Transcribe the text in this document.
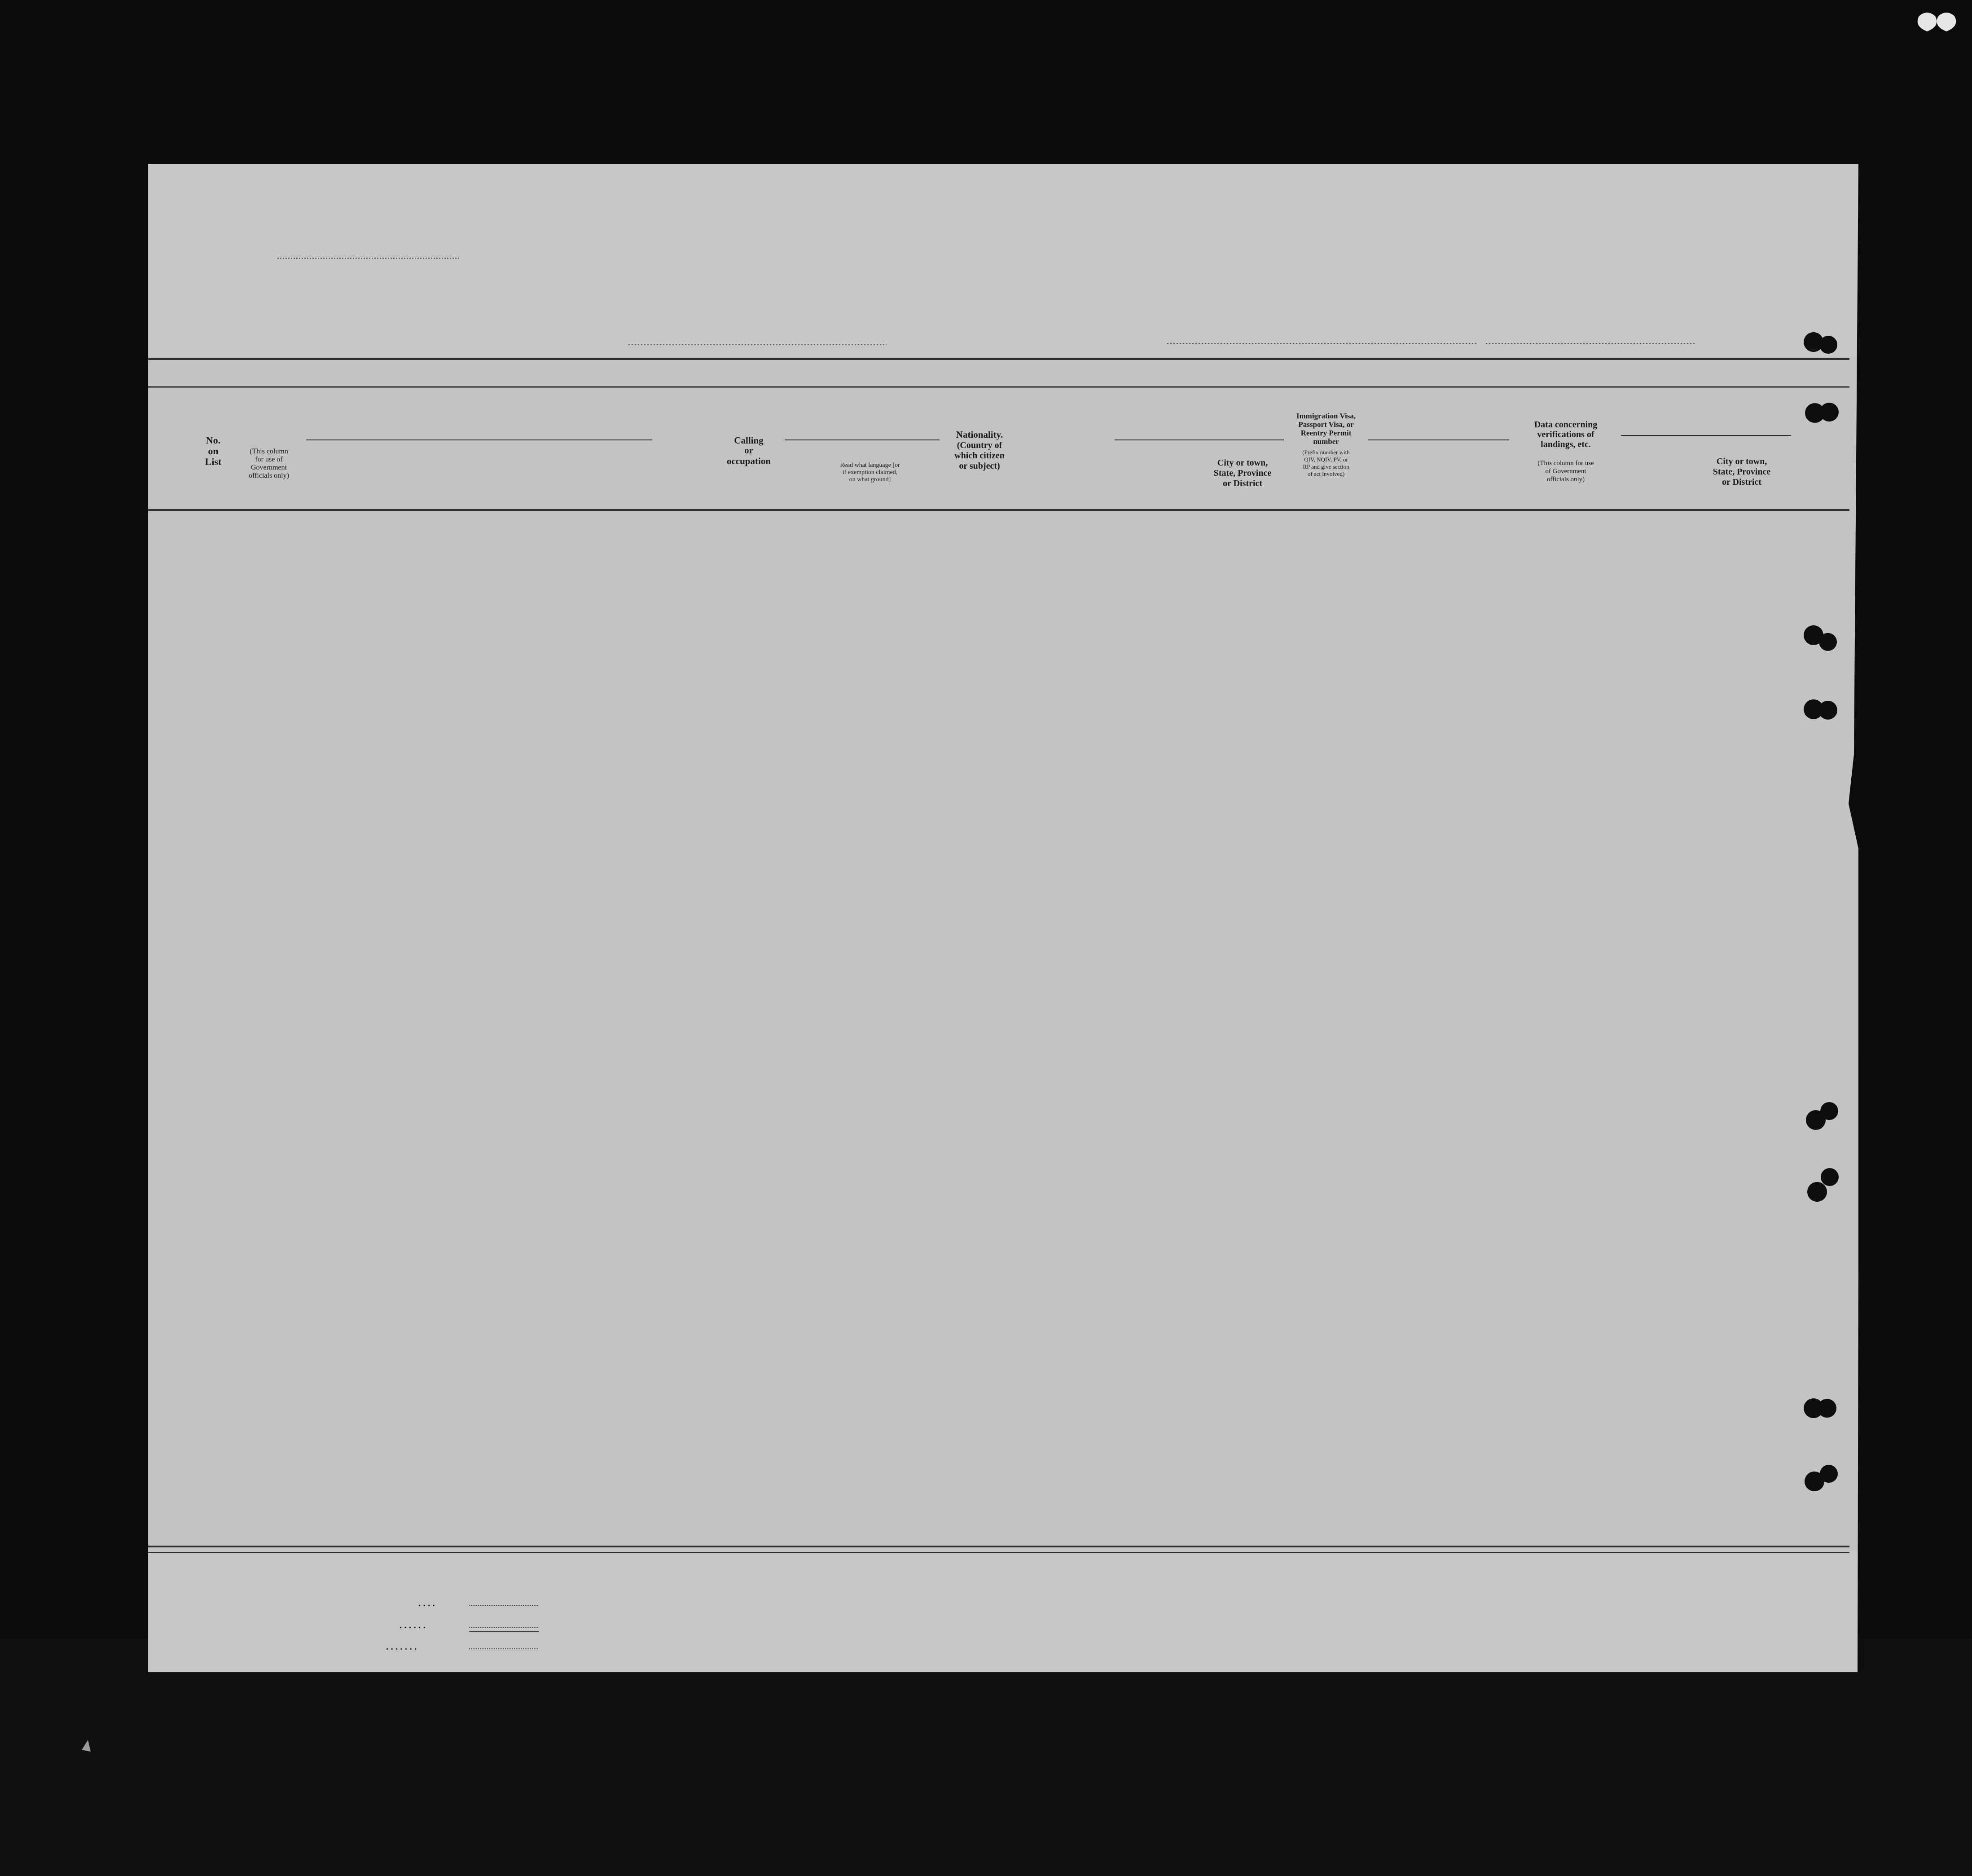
No.
on
List
(This column
for use of
Government
officials only)
Calling
or
occupation	Read what language [or
if exemption claimed,
on what ground]
Nationality.
(Country of
which citizen
or subject)	City or town,
State, Province
or District
Immigration Visa,
Passport Visa, or
Reentry Permit
number
(Prefix number with
QIV, NQIV, PV, or
RP and give section
of act involved)
Data concerning
verifications of
landings, etc.
(This column for use
of Government
officials only)
City or town,
State, Province
or District
. . . .
. . . . . .
. . . . . . .
